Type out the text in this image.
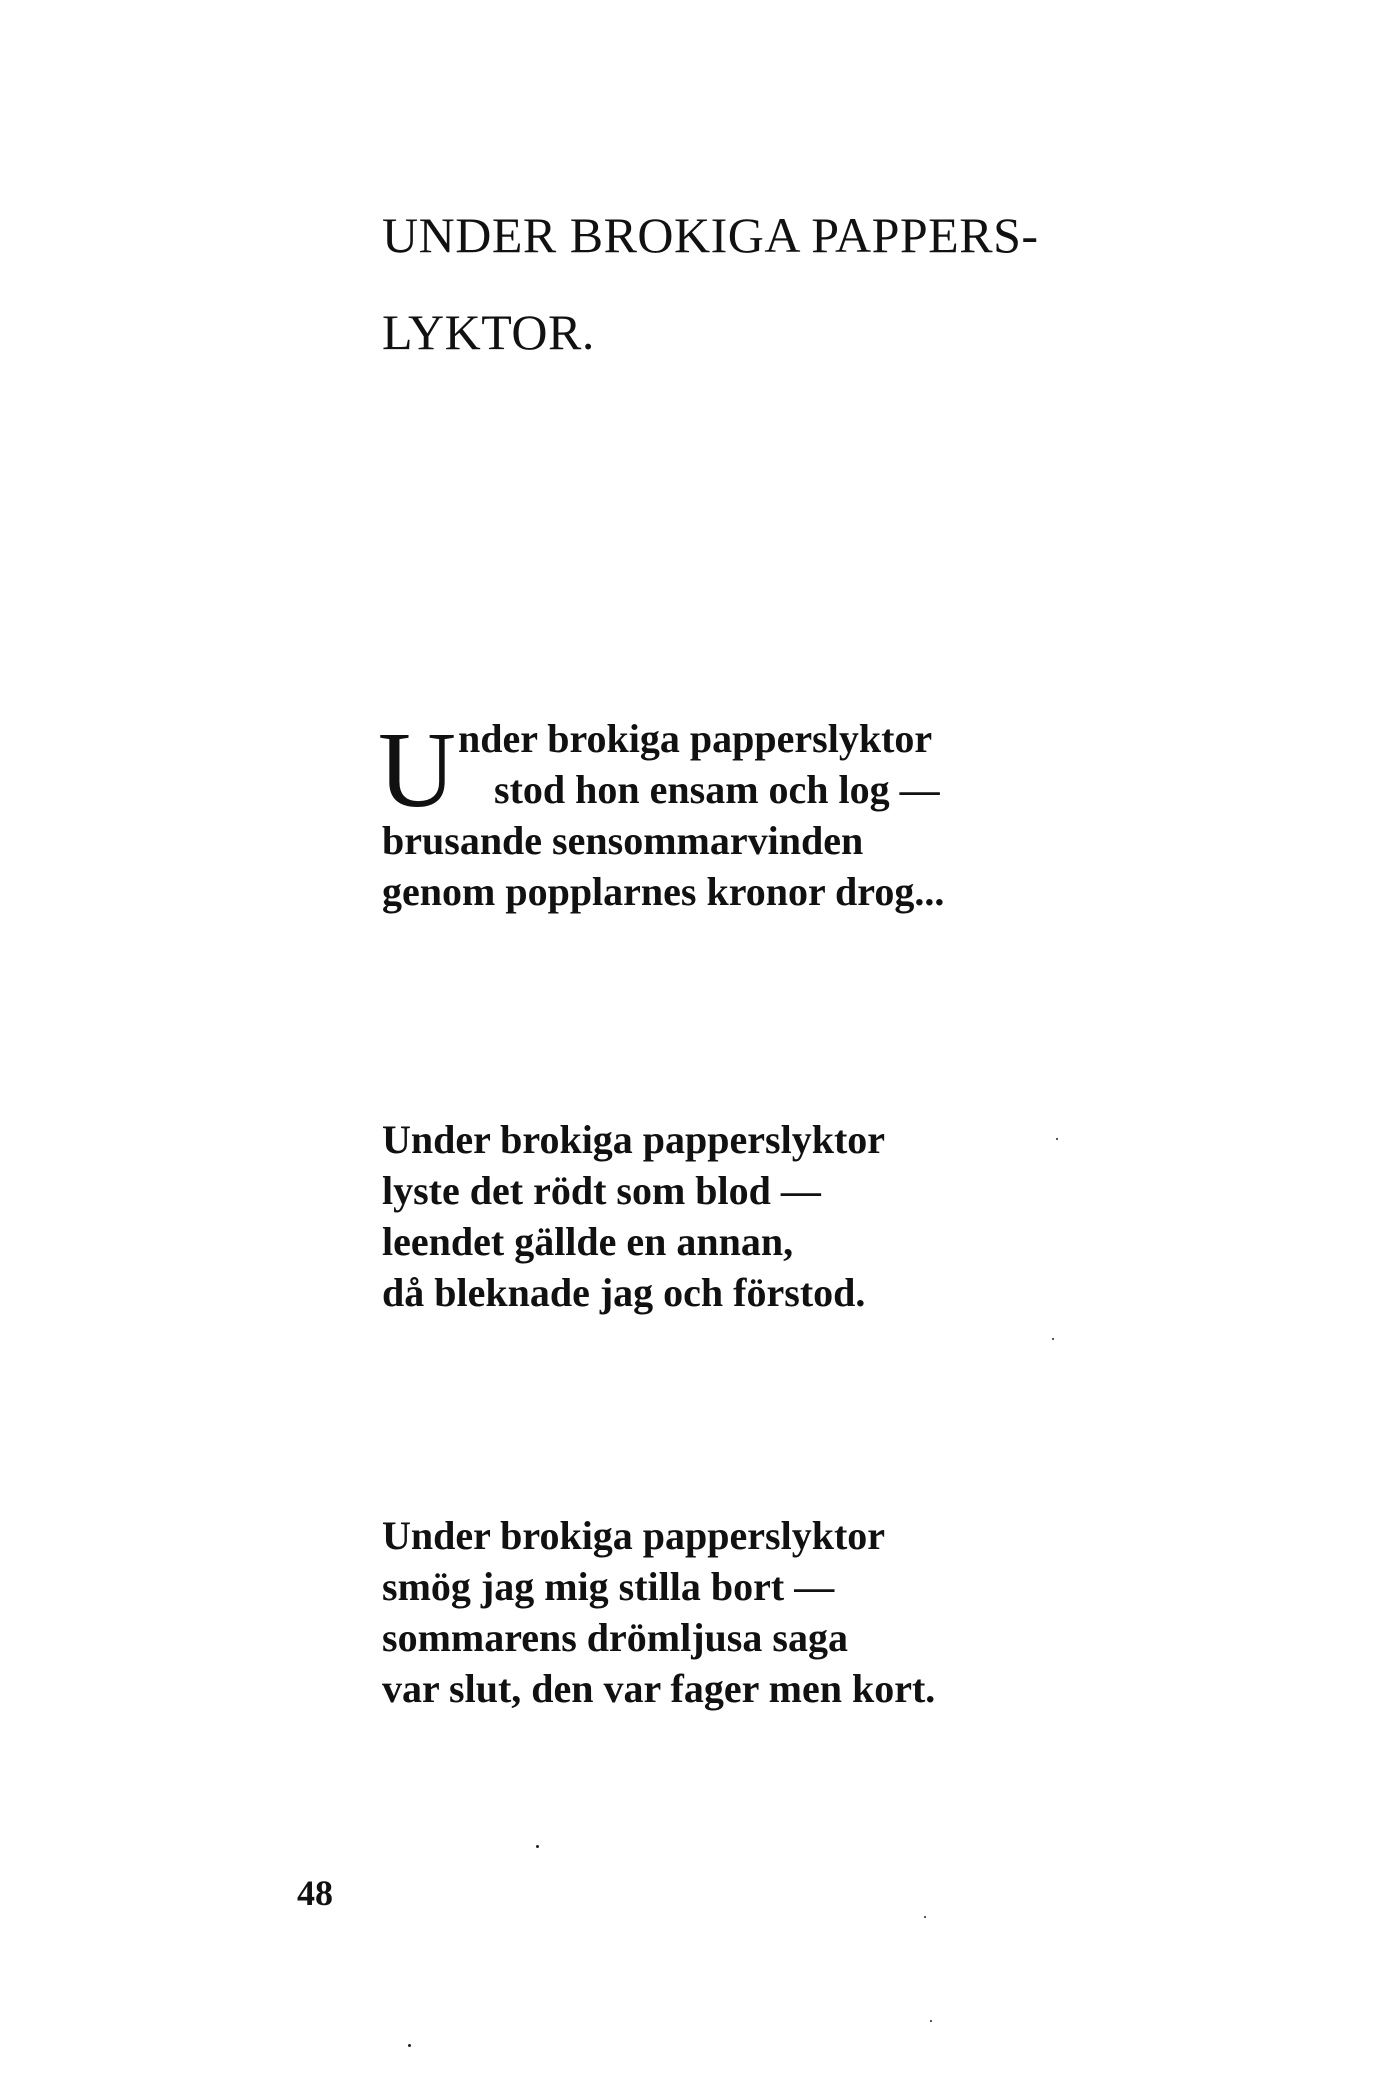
UNDER BROKIGA PAPPERS-
LYKTOR.
U nder brokiga papperslyktor
stod hon ensam och log —
brusande sensommarvinden
genom popplarnes kronor drog...
Under brokiga papperslyktor
lyste det rödt som blod —
leendet gällde en annan,
då bleknade jag och förstod.
Under brokiga papperslyktor
smög jag mig stilla bort —
sommarens drömljusa saga
var slut, den var fager men kort.
48
